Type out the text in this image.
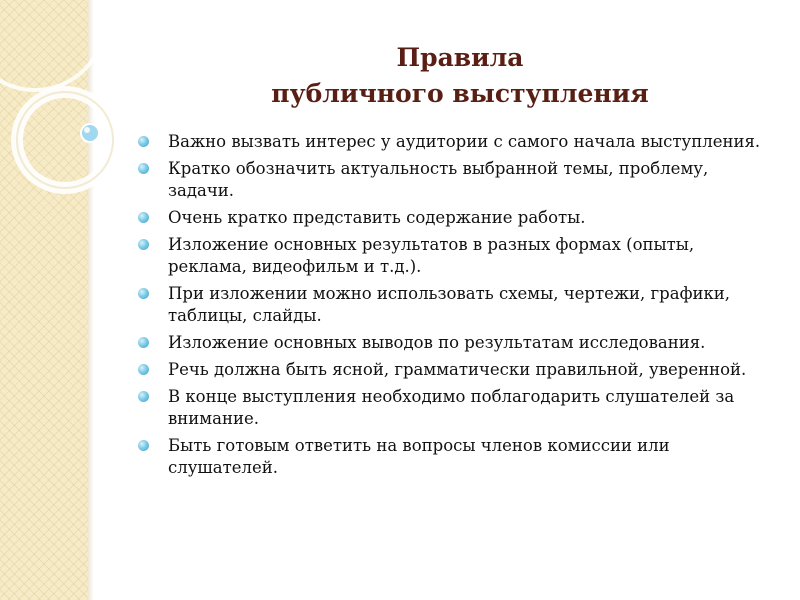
Правила
публичного выступления
Важно вызвать интерес у аудитории с самого начала выступления.
Кратко обозначить актуальность выбранной темы, проблему, задачи.
Очень кратко представить содержание работы.
Изложение основных результатов в разных формах (опыты, реклама, видеофильм и т.д.).
При изложении можно использовать схемы, чертежи, графики, таблицы, слайды.
Изложение основных выводов по результатам исследования.
Речь должна быть ясной, грамматически правильной, уверенной.
В конце выступления необходимо поблагодарить слушателей за внимание.
Быть готовым ответить на вопросы членов комиссии или слушателей.
